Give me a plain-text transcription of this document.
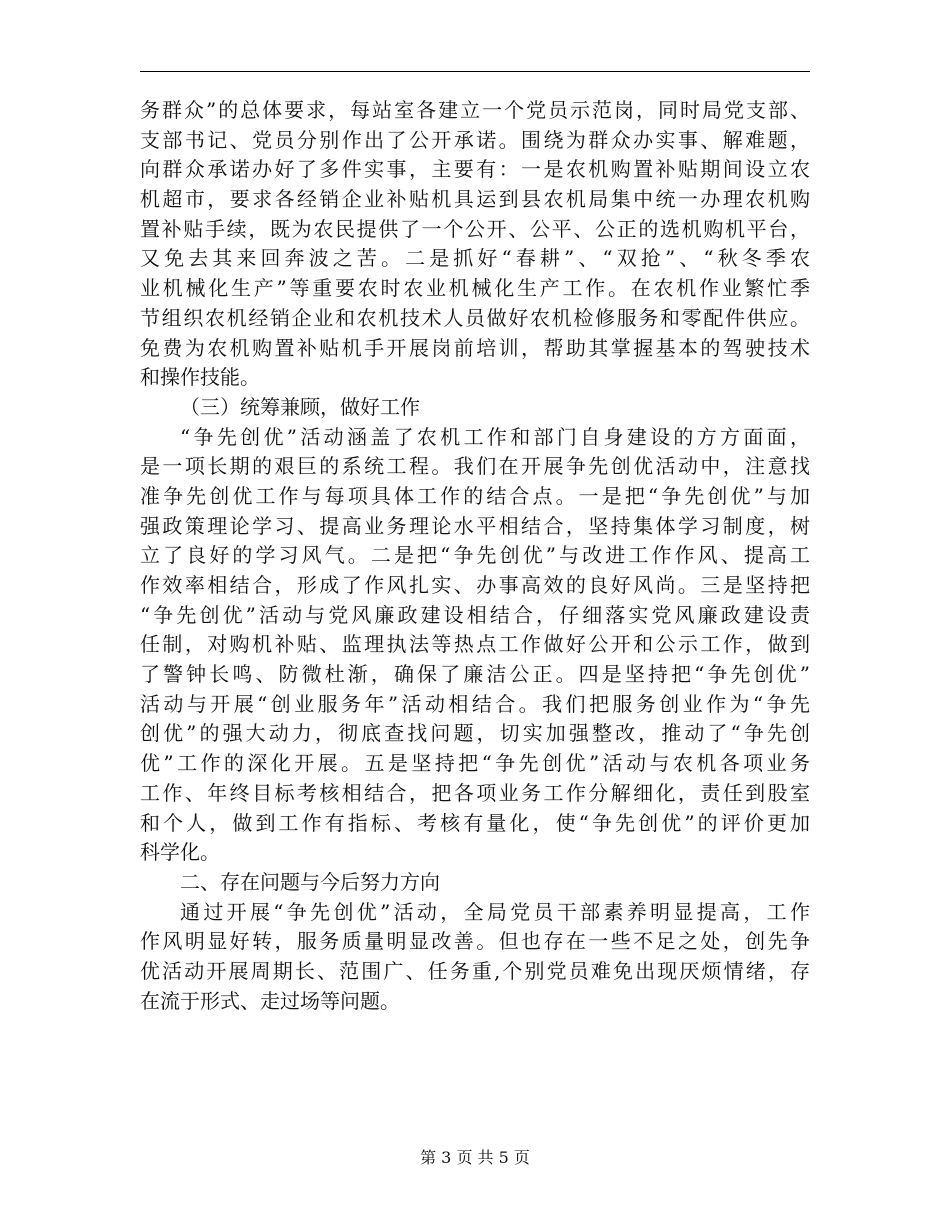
务群众”的总体要求，每站室各建立一个党员示范岗，同时局党支部、
支部书记、党员分别作出了公开承诺。围绕为群众办实事、解难题，
向群众承诺办好了多件实事，主要有：一是农机购置补贴期间设立农
机超市，要求各经销企业补贴机具运到县农机局集中统一办理农机购
置补贴手续，既为农民提供了一个公开、公平、公正的选机购机平台，
又免去其来回奔波之苦。二是抓好“春耕”、“双抢”、“秋冬季农
业机械化生产”等重要农时农业机械化生产工作。在农机作业繁忙季
节组织农机经销企业和农机技术人员做好农机检修服务和零配件供应。
免费为农机购置补贴机手开展岗前培训，帮助其掌握基本的驾驶技术
和操作技能。
（三）统筹兼顾，做好工作
“争先创优”活动涵盖了农机工作和部门自身建设的方方面面，
是一项长期的艰巨的系统工程。我们在开展争先创优活动中，注意找
准争先创优工作与每项具体工作的结合点。一是把“争先创优”与加
强政策理论学习、提高业务理论水平相结合，坚持集体学习制度，树
立了良好的学习风气。二是把“争先创优”与改进工作作风、提高工
作效率相结合，形成了作风扎实、办事高效的良好风尚。三是坚持把
“争先创优”活动与党风廉政建设相结合，仔细落实党风廉政建设责
任制，对购机补贴、监理执法等热点工作做好公开和公示工作，做到
了警钟长鸣、防微杜渐，确保了廉洁公正。四是坚持把“争先创优”
活动与开展“创业服务年”活动相结合。我们把服务创业作为“争先
创优”的强大动力，彻底查找问题，切实加强整改，推动了“争先创
优”工作的深化开展。五是坚持把“争先创优”活动与农机各项业务
工作、年终目标考核相结合，把各项业务工作分解细化，责任到股室
和个人，做到工作有指标、考核有量化，使“争先创优”的评价更加
科学化。
二、存在问题与今后努力方向
通过开展“争先创优”活动，全局党员干部素养明显提高，工作
作风明显好转，服务质量明显改善。但也存在一些不足之处，创先争
优活动开展周期长、范围广、任务重,个别党员难免出现厌烦情绪，存
在流于形式、走过场等问题。
第 3 页 共 5 页
